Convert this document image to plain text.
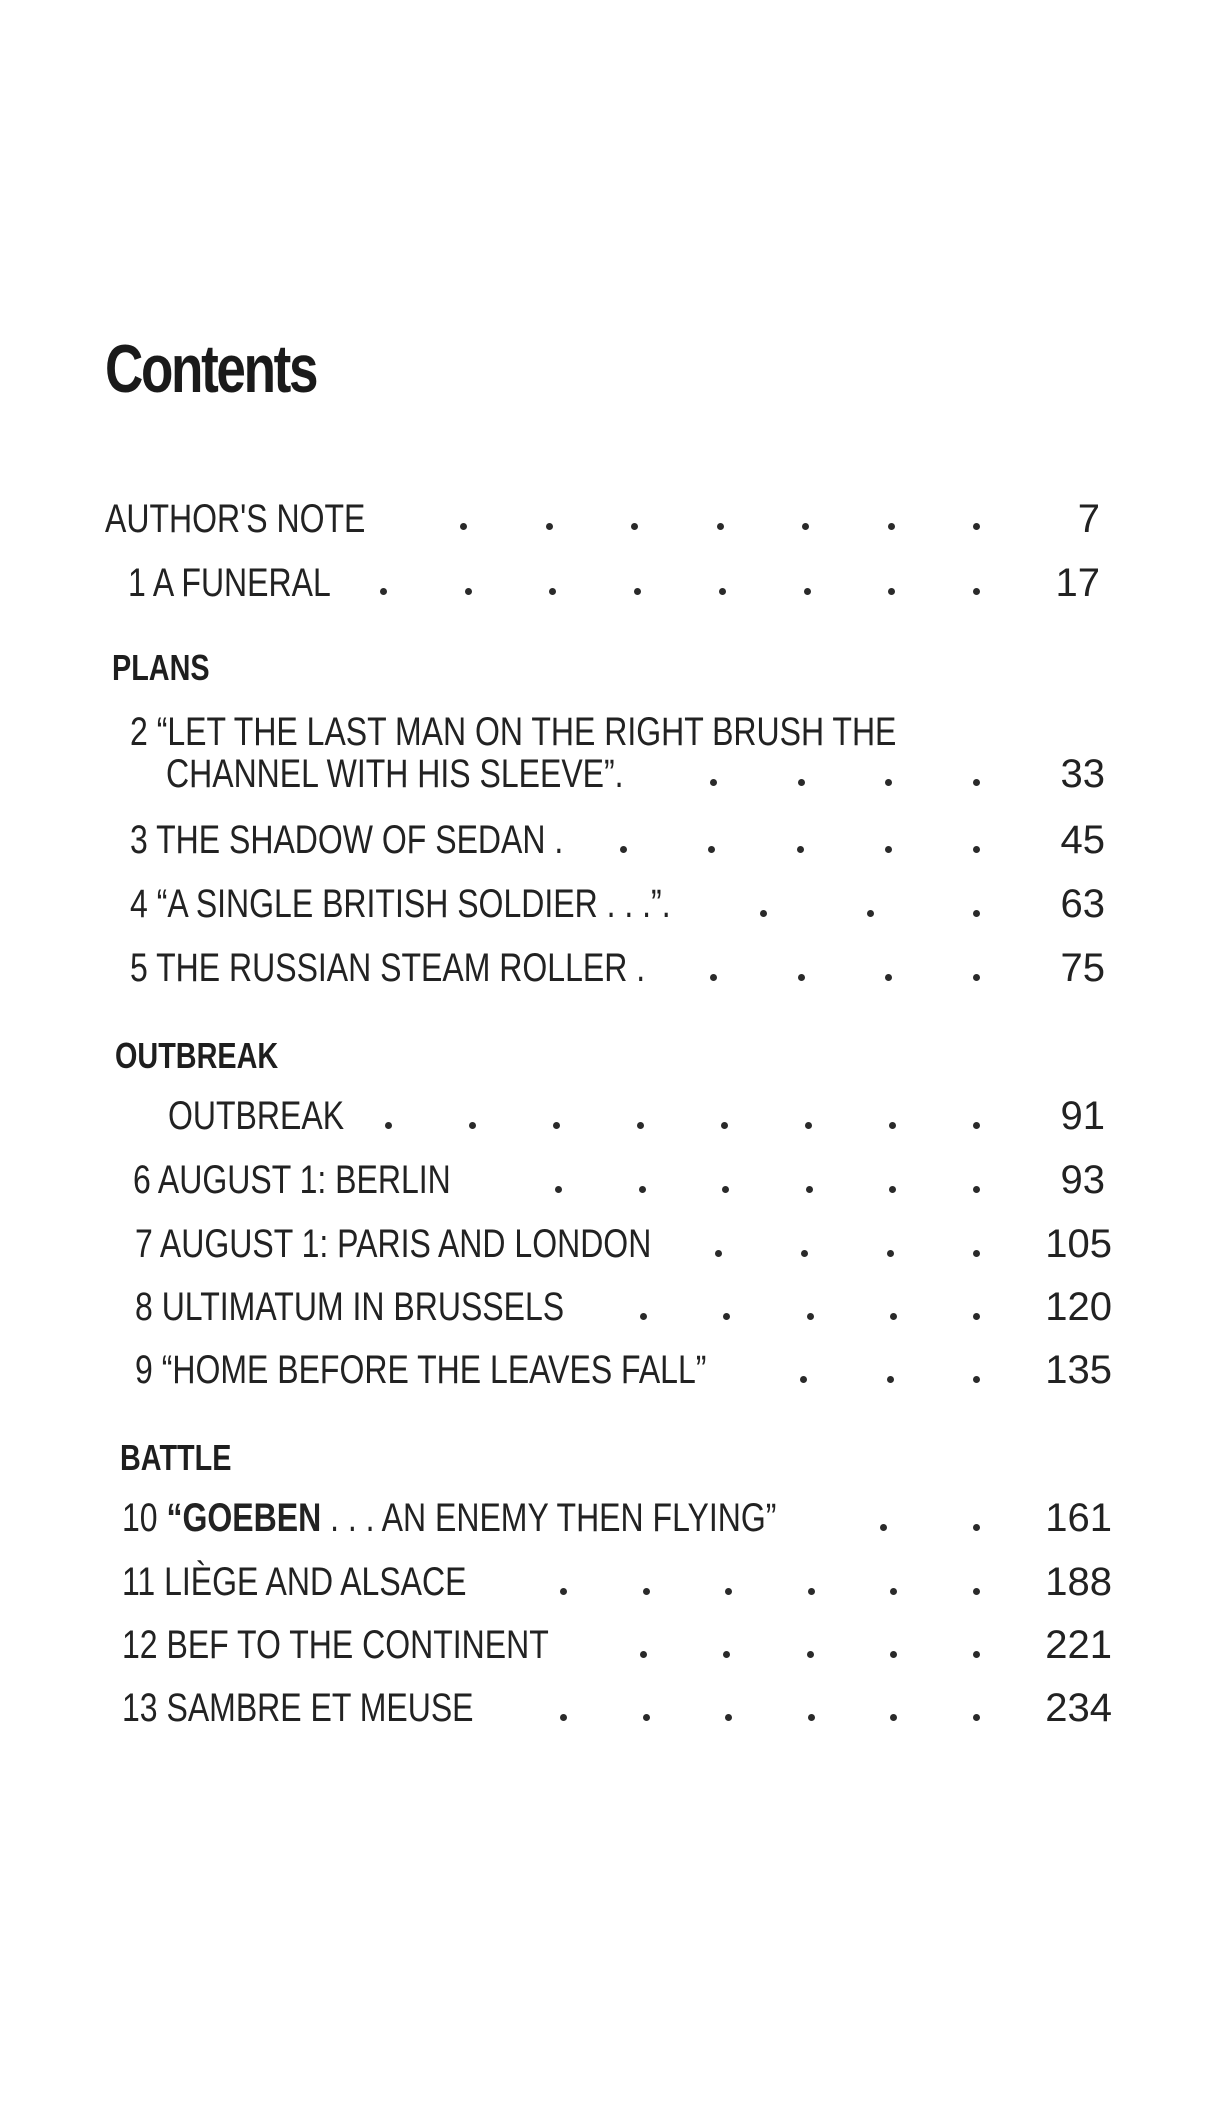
Contents
AUTHOR'S NOTE	7
1 A FUNERAL	17
PLANS
2 “LET THE LAST MAN ON THE RIGHT BRUSH THE
CHANNEL WITH HIS SLEEVE”.	33
3 THE SHADOW OF SEDAN .	45
4 “A SINGLE BRITISH SOLDIER . . .”.	63
5 THE RUSSIAN STEAM ROLLER .	75
OUTBREAK
OUTBREAK	91
6 AUGUST 1: BERLIN	93
7 AUGUST 1: PARIS AND LONDON	105
8 ULTIMATUM IN BRUSSELS	120
9 “HOME BEFORE THE LEAVES FALL”	135
BATTLE
10 “GOEBEN . . . AN ENEMY THEN FLYING”	161
11 LIÈGE AND ALSACE	188
12 BEF TO THE CONTINENT	221
13 SAMBRE ET MEUSE	234
